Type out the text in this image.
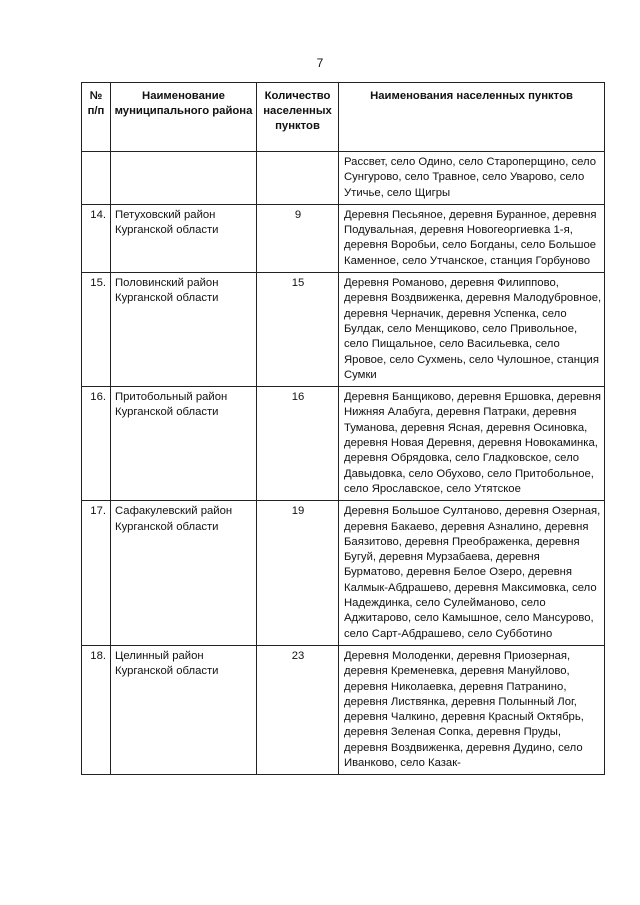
7
№ п/п	Наименование муниципального района	Количество населенных пунктов	Наименования населенных пунктов
			Рассвет, село Одино, село Староперщино, село Сунгурово, село Травное, село Уварово, село Утичье, село Щигры
14.	Петуховский район Курганской области	9	Деревня Песьяное, деревня Буранное, деревня Подувальная, деревня Новогеоргиевка 1-я, деревня Воробьи, село Богданы, село Большое Каменное, село Утчанское, станция Горбуново
15.	Половинский район Курганской области	15	Деревня Романово, деревня Филиппово, деревня Воздвиженка, деревня Малодубровное, деревня Черначик, деревня Успенка, село Булдак, село Менщиково, село Привольное, село Пищальное, село Васильевка, село Яровое, село Сухмень, село Чулошное, станция Сумки
16.	Притобольный район Курганской области	16	Деревня Банщиково, деревня Ершовка, деревня Нижняя Алабуга, деревня Патраки, деревня Туманова, деревня Ясная, деревня Осиновка, деревня Новая Деревня, деревня Новокаминка, деревня Обрядовка, село Гладковское, село Давыдовка, село Обухово, село Притобольное, село Ярославское, село Утятское
17.	Сафакулевский район Курганской области	19	Деревня Большое Султаново, деревня Озерная, деревня Бакаево, деревня Азналино, деревня Баязитово, деревня Преображенка, деревня Бугуй, деревня Мурзабаева, деревня Бурматово, деревня Белое Озеро, деревня Калмык-Абдрашево, деревня Максимовка, село Надеждинка, село Сулейманово, село Аджитарово, село Камышное, село Мансурово, село Сарт-Абдрашево, село Субботино
18.	Целинный район Курганской области	23	Деревня Молоденки, деревня Приозерная, деревня Кременевка, деревня Мануйлово, деревня Николаевка, деревня Патранино, деревня Листвянка, деревня Полынный Лог, деревня Чалкино, деревня Красный Октябрь, деревня Зеленая Сопка, деревня Пруды, деревня Воздвиженка, деревня Дудино, село Иванково, село Казак-
